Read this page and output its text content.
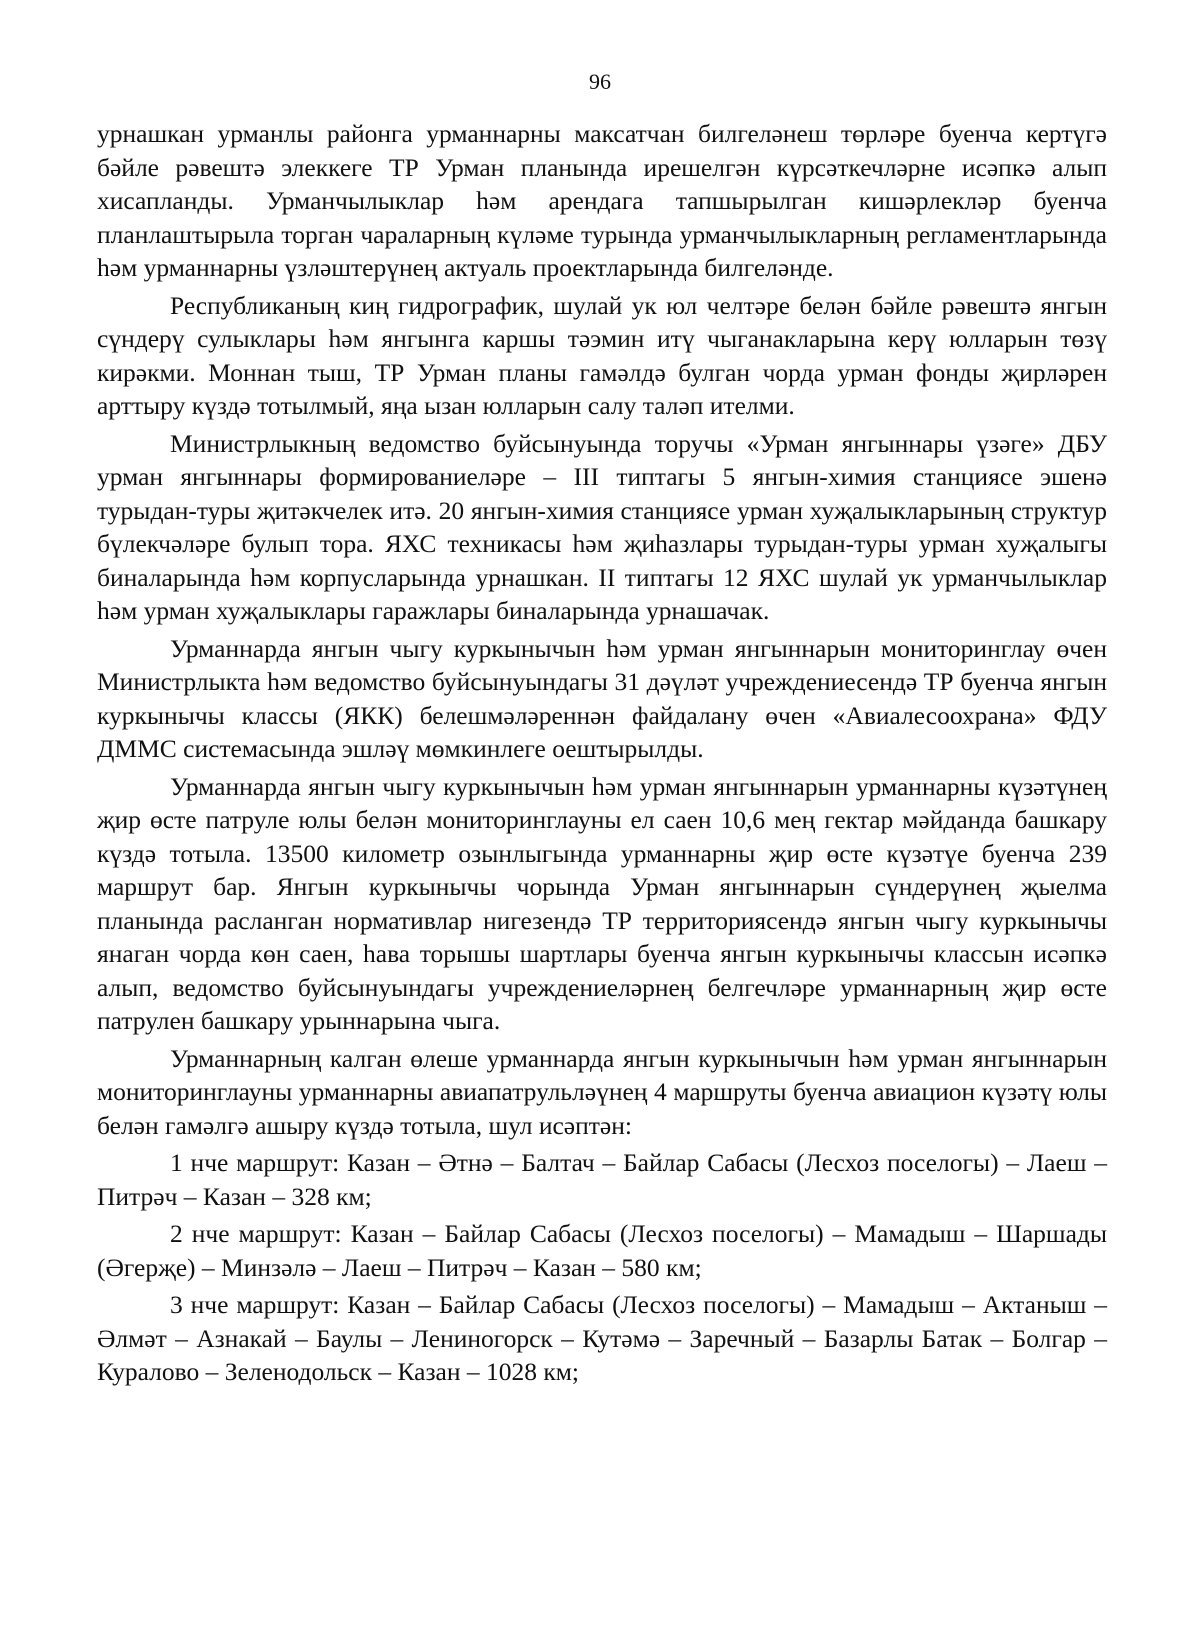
96

урнашкан урманлы районга урманнарны максатчан билгеләнеш төрләре буенча кертүгә бәйле рәвештә элеккеге ТР Урман планында ирешелгән күрсәткечләрне исәпкә алып хисапланды. Урманчылыклар һәм арендага тапшырылган кишәрлекләр буенча планлаштырыла торган чараларның күләме турында урманчылыкларның регламентларында һәм урманнарны үзләштерүнең актуаль проектларында билгеләнде.

Республиканың киң гидрографик, шулай ук юл челтәре белән бәйле рәвештә янгын сүндерү сулыклары һәм янгынга каршы тәэмин итү чыганакларына керү юлларын төзү кирәкми. Моннан тыш, ТР Урман планы гамәлдә булган чорда урман фонды җирләрен арттыру күздә тотылмый, яңа ызан юлларын салу таләп ителми.

Министрлыкның ведомство буйсынуында торучы «Урман янгыннары үзәге» ДБУ урман янгыннары формированиеләре – III типтагы 5 янгын-химия станциясе эшенә турыдан-туры җитәкчелек итә. 20 янгын-химия станциясе урман хуҗалыкларының структур бүлекчәләре булып тора. ЯХС техникасы һәм җиһазлары турыдан-туры урман хуҗалыгы биналарында һәм корпусларында урнашкан. II типтагы 12 ЯХС шулай ук урманчылыклар һәм урман хуҗалыклары гаражлары биналарында урнашачак.

Урманнарда янгын чыгу куркынычын һәм урман янгыннарын мониторинглау өчен Министрлыкта һәм ведомство буйсынуындагы 31 дәүләт учреждениесендә ТР буенча янгын куркынычы классы (ЯКК) белешмәләреннән файдалану өчен «Авиалесоохрана» ФДУ ДММС системасында эшләү мөмкинлеге оештырылды.

Урманнарда янгын чыгу куркынычын һәм урман янгыннарын урманнарны күзәтүнең җир өсте патруле юлы белән мониторинглауны ел саен 10,6 мең гектар мәйданда башкару күздә тотыла. 13500 километр озынлыгында урманнарны җир өсте күзәтүе буенча 239 маршрут бар. Янгын куркынычы чорында Урман янгыннарын сүндерүнең җыелма планында расланган нормативлар нигезендә ТР территориясендә янгын чыгу куркынычы янаган чорда көн саен, һава торышы шартлары буенча янгын куркынычы классын исәпкә алып, ведомство буйсынуындагы учреждениеләрнең белгечләре урманнарның җир өсте патрулен башкару урыннарына чыга.

Урманнарның калган өлеше урманнарда янгын куркынычын һәм урман янгыннарын мониторинглауны урманнарны авиапатрульләүнең 4 маршруты буенча авиацион күзәтү юлы белән гамәлгә ашыру күздә тотыла, шул исәптән:

1 нче маршрут: Казан – Әтнә – Балтач – Байлар Сабасы (Лесхоз поселогы) – Лаеш – Питрәч – Казан – 328 км;

2 нче маршрут: Казан – Байлар Сабасы (Лесхоз поселогы) – Мамадыш – Шаршады (Әгерҗе) – Минзәлә – Лаеш – Питрәч – Казан – 580 км;

3 нче маршрут: Казан – Байлар Сабасы (Лесхоз поселогы) – Мамадыш – Актаныш – Әлмәт – Азнакай – Баулы – Лениногорск – Кутәмә – Заречный – Базарлы Батак – Болгар – Куралово – Зеленодольск – Казан – 1028 км;
